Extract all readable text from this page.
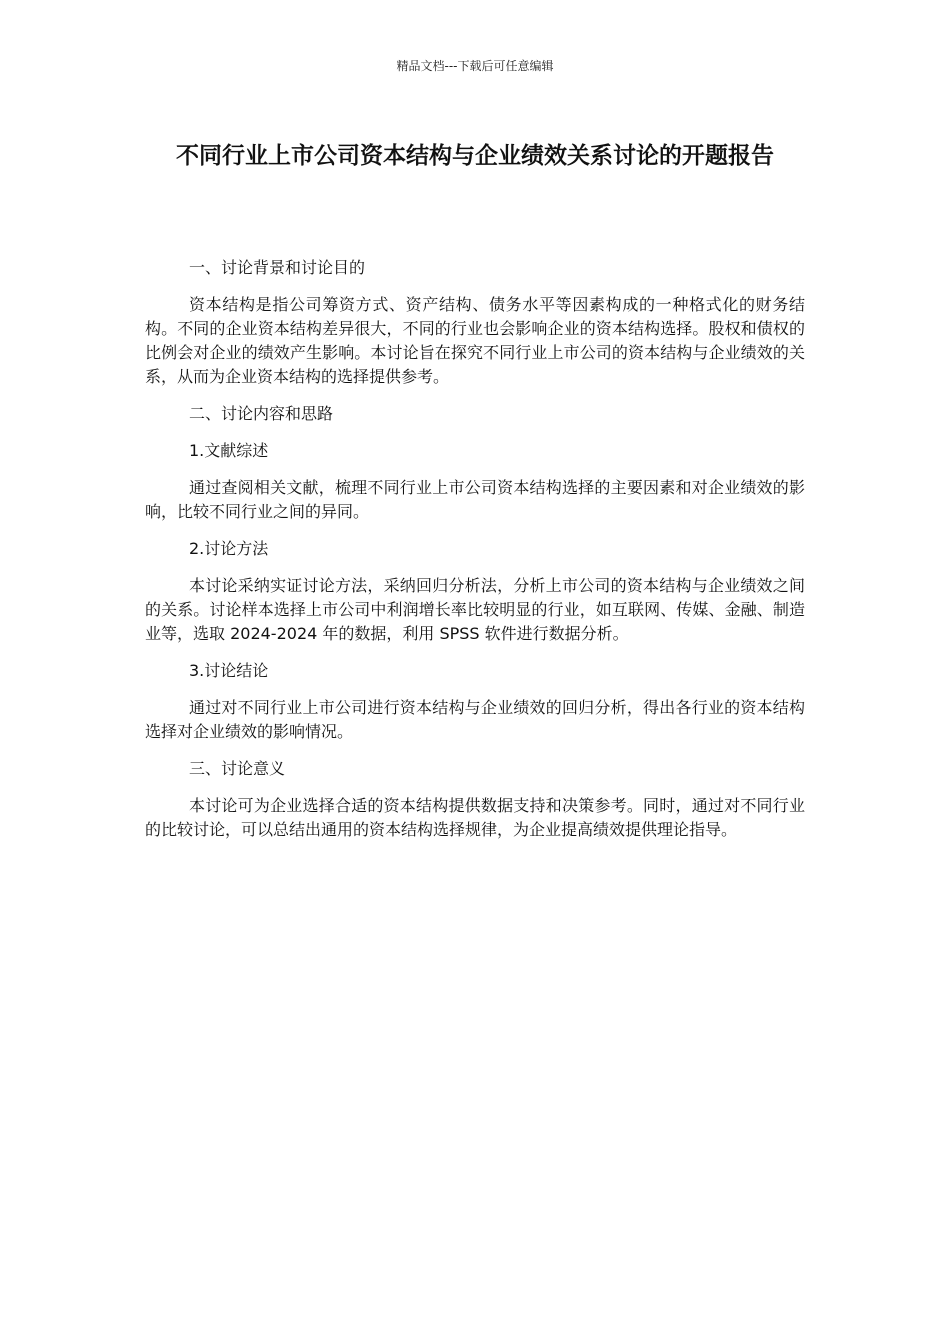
精品文档---下载后可任意编辑
不同行业上市公司资本结构与企业绩效关系讨论的开题报告

一、讨论背景和讨论目的

资本结构是指公司筹资方式、资产结构、债务水平等因素构成的一种格式化的财务结构。不同的企业资本结构差异很大，不同的行业也会影响企业的资本结构选择。股权和债权的比例会对企业的绩效产生影响。本讨论旨在探究不同行业上市公司的资本结构与企业绩效的关系，从而为企业资本结构的选择提供参考。

二、讨论内容和思路

1.文献综述

通过查阅相关文献，梳理不同行业上市公司资本结构选择的主要因素和对企业绩效的影响，比较不同行业之间的异同。

2.讨论方法

本讨论采纳实证讨论方法，采纳回归分析法，分析上市公司的资本结构与企业绩效之间的关系。讨论样本选择上市公司中利润增长率比较明显的行业，如互联网、传媒、金融、制造业等，选取 2024-2024 年的数据，利用 SPSS 软件进行数据分析。

3.讨论结论

通过对不同行业上市公司进行资本结构与企业绩效的回归分析，得出各行业的资本结构选择对企业绩效的影响情况。

三、讨论意义

本讨论可为企业选择合适的资本结构提供数据支持和决策参考。同时，通过对不同行业的比较讨论，可以总结出通用的资本结构选择规律，为企业提高绩效提供理论指导。
